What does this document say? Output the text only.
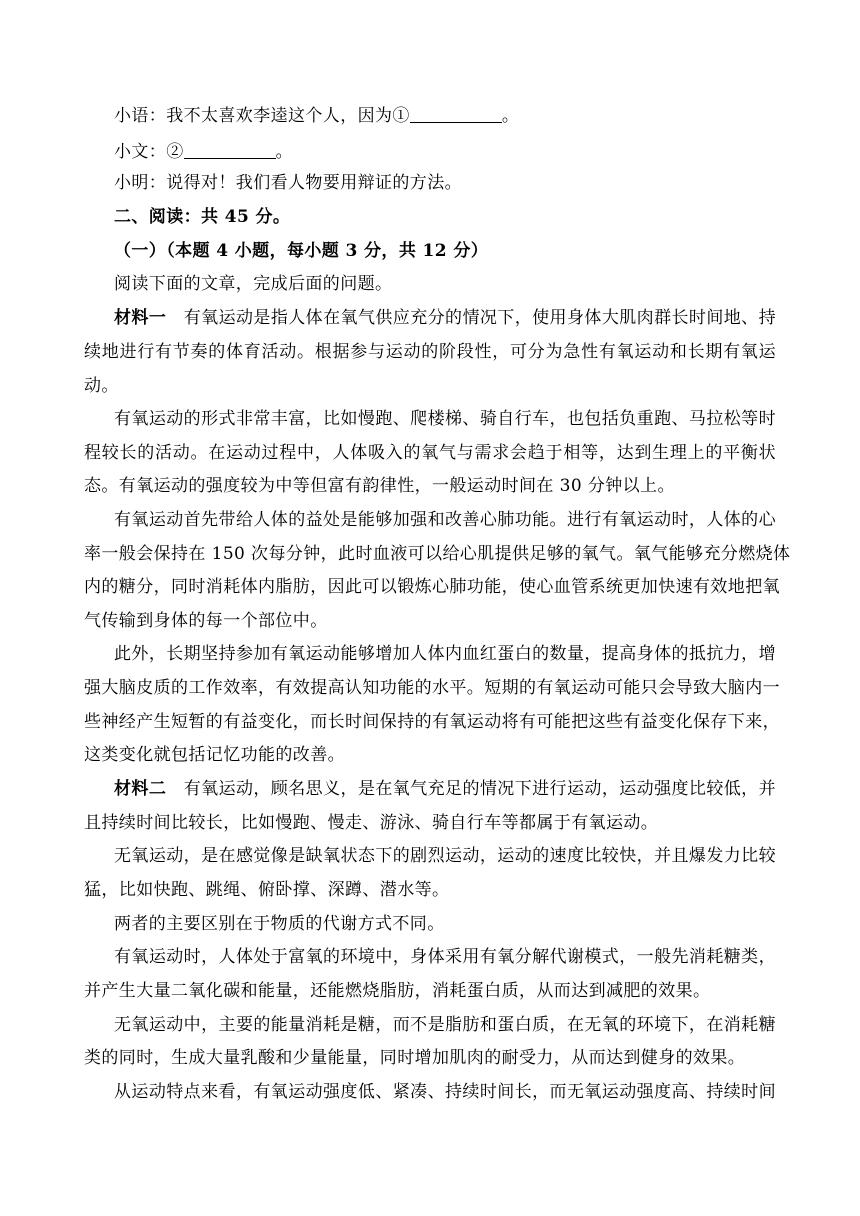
小语：我不太喜欢李逵这个人，因为①	。
小文：②	。
小明：说得对！我们看人物要用辩证的方法。
二、阅读：共 45 分。
（一）（本题 4 小题，每小题 3 分，共 12 分）
阅读下面的文章，完成后面的问题。
材料一 有氧运动是指人体在氧气供应充分的情况下，使用身体大肌肉群长时间地、持
续地进行有节奏的体育活动。根据参与运动的阶段性，可分为急性有氧运动和长期有氧运
动。
有氧运动的形式非常丰富，比如慢跑、爬楼梯、骑自行车，也包括负重跑、马拉松等时
程较长的活动。在运动过程中，人体吸入的氧气与需求会趋于相等，达到生理上的平衡状
态。有氧运动的强度较为中等但富有韵律性，一般运动时间在 30 分钟以上。
有氧运动首先带给人体的益处是能够加强和改善心肺功能。进行有氧运动时，人体的心
率一般会保持在 150 次每分钟，此时血液可以给心肌提供足够的氧气。氧气能够充分燃烧体
内的糖分，同时消耗体内脂肪，因此可以锻炼心肺功能，使心血管系统更加快速有效地把氧
气传输到身体的每一个部位中。
此外，长期坚持参加有氧运动能够增加人体内血红蛋白的数量，提高身体的抵抗力，增
强大脑皮质的工作效率，有效提高认知功能的水平。短期的有氧运动可能只会导致大脑内一
些神经产生短暂的有益变化，而长时间保持的有氧运动将有可能把这些有益变化保存下来，
这类变化就包括记忆功能的改善。
材料二 有氧运动，顾名思义，是在氧气充足的情况下进行运动，运动强度比较低，并
且持续时间比较长，比如慢跑、慢走、游泳、骑自行车等都属于有氧运动。
无氧运动，是在感觉像是缺氧状态下的剧烈运动，运动的速度比较快，并且爆发力比较
猛，比如快跑、跳绳、俯卧撑、深蹲、潜水等。
两者的主要区别在于物质的代谢方式不同。
有氧运动时，人体处于富氧的环境中，身体采用有氧分解代谢模式，一般先消耗糖类，
并产生大量二氧化碳和能量，还能燃烧脂肪，消耗蛋白质，从而达到减肥的效果。
无氧运动中，主要的能量消耗是糖，而不是脂肪和蛋白质，在无氧的环境下，在消耗糖
类的同时，生成大量乳酸和少量能量，同时增加肌肉的耐受力，从而达到健身的效果。
从运动特点来看，有氧运动强度低、紧凑、持续时间长，而无氧运动强度高、持续时间
